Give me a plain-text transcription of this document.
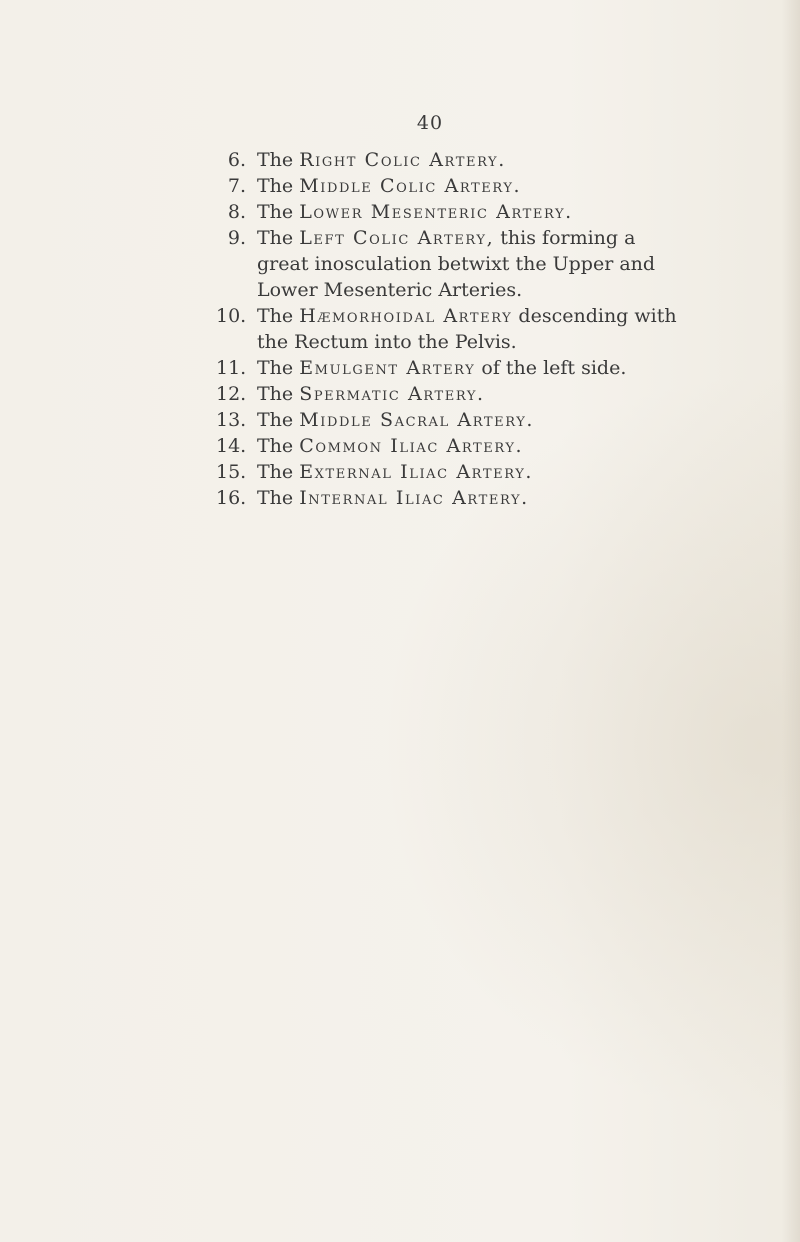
40
6. The Right Colic Artery.
7. The Middle Colic Artery.
8. The Lower Mesenteric Artery.
9. The Left Colic Artery, this forming a great inosculation betwixt the Upper and Lower Mesenteric Arteries.
10. The Hæmorhoidal Artery descending with the Rectum into the Pelvis.
11. The Emulgent Artery of the left side.
12. The Spermatic Artery.
13. The Middle Sacral Artery.
14. The Common Iliac Artery.
15. The External Iliac Artery.
16. The Internal Iliac Artery.
